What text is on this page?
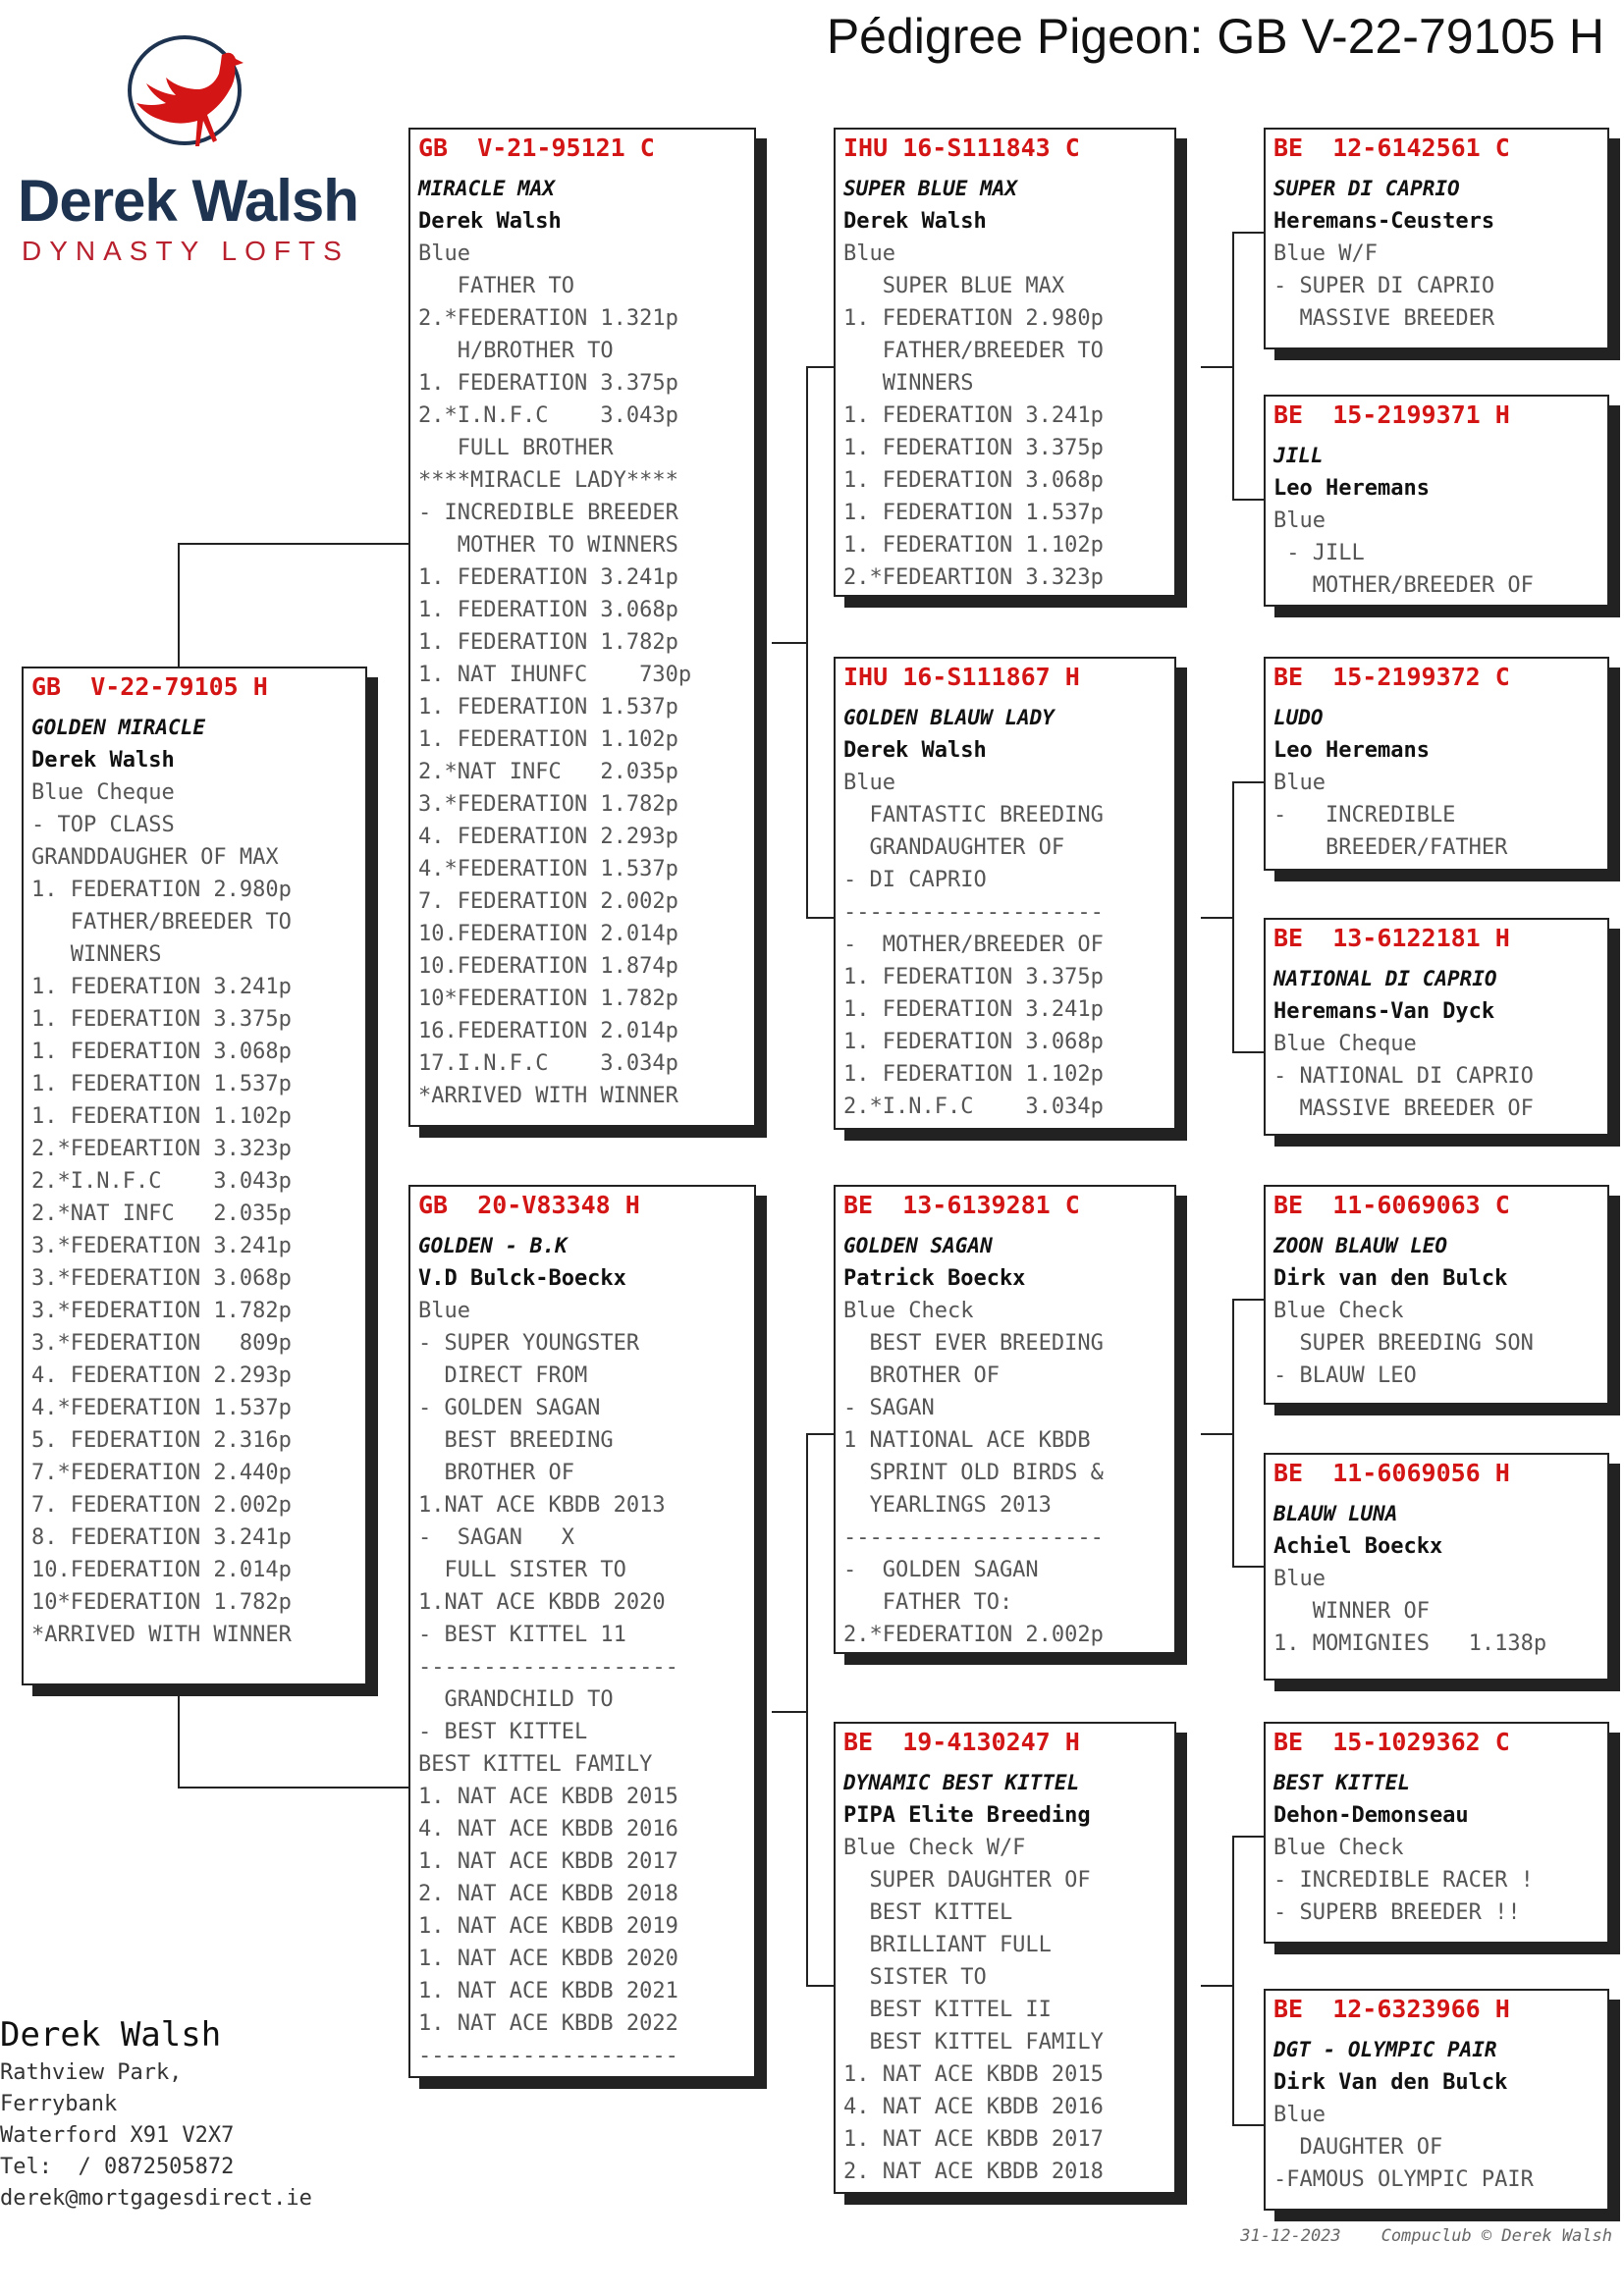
Pédigree Pigeon: GB V-22-79105 H
Derek Walsh
DYNASTY LOFTS
GB  V-22-79105 H
GOLDEN MIRACLE
Derek Walsh
Blue Cheque
- TOP CLASS
GRANDDAUGHER OF MAX
1. FEDERATION 2.980p
FATHER/BREEDER TO
WINNERS
1. FEDERATION 3.241p
1. FEDERATION 3.375p
1. FEDERATION 3.068p
1. FEDERATION 1.537p
1. FEDERATION 1.102p
2.*FEDEARTION 3.323p
2.*I.N.F.C    3.043p
2.*NAT INFC   2.035p
3.*FEDERATION 3.241p
3.*FEDERATION 3.068p
3.*FEDERATION 1.782p
3.*FEDERATION   809p
4. FEDERATION 2.293p
4.*FEDERATION 1.537p
5. FEDERATION 2.316p
7.*FEDERATION 2.440p
7. FEDERATION 2.002p
8. FEDERATION 3.241p
10.FEDERATION 2.014p
10*FEDERATION 1.782p
*ARRIVED WITH WINNER
GB  V-21-95121 C
MIRACLE MAX
Derek Walsh
Blue
FATHER TO
2.*FEDERATION 1.321p
H/BROTHER TO
1. FEDERATION 3.375p
2.*I.N.F.C    3.043p
FULL BROTHER
****MIRACLE LADY****
- INCREDIBLE BREEDER
MOTHER TO WINNERS
1. FEDERATION 3.241p
1. FEDERATION 3.068p
1. FEDERATION 1.782p
1. NAT IHUNFC    730p
1. FEDERATION 1.537p
1. FEDERATION 1.102p
2.*NAT INFC   2.035p
3.*FEDERATION 1.782p
4. FEDERATION 2.293p
4.*FEDERATION 1.537p
7. FEDERATION 2.002p
10.FEDERATION 2.014p
10.FEDERATION 1.874p
10*FEDERATION 1.782p
16.FEDERATION 2.014p
17.I.N.F.C    3.034p
*ARRIVED WITH WINNER
GB  20-V83348 H
GOLDEN - B.K
V.D Bulck-Boeckx
Blue
- SUPER YOUNGSTER
DIRECT FROM
- GOLDEN SAGAN
BEST BREEDING
BROTHER OF
1.NAT ACE KBDB 2013
-  SAGAN   X
FULL SISTER TO
1.NAT ACE KBDB 2020
- BEST KITTEL 11
--------------------
GRANDCHILD TO
- BEST KITTEL
BEST KITTEL FAMILY
1. NAT ACE KBDB 2015
4. NAT ACE KBDB 2016
1. NAT ACE KBDB 2017
2. NAT ACE KBDB 2018
1. NAT ACE KBDB 2019
1. NAT ACE KBDB 2020
1. NAT ACE KBDB 2021
1. NAT ACE KBDB 2022
--------------------
IHU 16-S111843 C
SUPER BLUE MAX
Derek Walsh
Blue
SUPER BLUE MAX
1. FEDERATION 2.980p
FATHER/BREEDER TO
WINNERS
1. FEDERATION 3.241p
1. FEDERATION 3.375p
1. FEDERATION 3.068p
1. FEDERATION 1.537p
1. FEDERATION 1.102p
2.*FEDEARTION 3.323p
IHU 16-S111867 H
GOLDEN BLAUW LADY
Derek Walsh
Blue
FANTASTIC BREEDING
GRANDAUGHTER OF
- DI CAPRIO
--------------------
-  MOTHER/BREEDER OF
1. FEDERATION 3.375p
1. FEDERATION 3.241p
1. FEDERATION 3.068p
1. FEDERATION 1.102p
2.*I.N.F.C    3.034p
BE  13-6139281 C
GOLDEN SAGAN
Patrick Boeckx
Blue Check
BEST EVER BREEDING
BROTHER OF
- SAGAN
1 NATIONAL ACE KBDB
SPRINT OLD BIRDS &
YEARLINGS 2013
--------------------
-  GOLDEN SAGAN
FATHER TO:
2.*FEDERATION 2.002p
BE  19-4130247 H
DYNAMIC BEST KITTEL
PIPA Elite Breeding
Blue Check W/F
SUPER DAUGHTER OF
BEST KITTEL
BRILLIANT FULL
SISTER TO
BEST KITTEL II
BEST KITTEL FAMILY
1. NAT ACE KBDB 2015
4. NAT ACE KBDB 2016
1. NAT ACE KBDB 2017
2. NAT ACE KBDB 2018
BE  12-6142561 C
SUPER DI CAPRIO
Heremans-Ceusters
Blue W/F
- SUPER DI CAPRIO
MASSIVE BREEDER
BE  15-2199371 H
JILL
Leo Heremans
Blue
- JILL
MOTHER/BREEDER OF
BE  15-2199372 C
LUDO
Leo Heremans
Blue
-   INCREDIBLE
BREEDER/FATHER
BE  13-6122181 H
NATIONAL DI CAPRIO
Heremans-Van Dyck
Blue Cheque
- NATIONAL DI CAPRIO
MASSIVE BREEDER OF
BE  11-6069063 C
ZOON BLAUW LEO
Dirk van den Bulck
Blue Check
SUPER BREEDING SON
- BLAUW LEO
BE  11-6069056 H
BLAUW LUNA
Achiel Boeckx
Blue
WINNER OF
1. MOMIGNIES   1.138p
BE  15-1029362 C
BEST KITTEL
Dehon-Demonseau
Blue Check
- INCREDIBLE RACER !
- SUPERB BREEDER !!
BE  12-6323966 H
DGT - OLYMPIC PAIR
Dirk Van den Bulck
Blue
DAUGHTER OF
-FAMOUS OLYMPIC PAIR
Derek Walsh
Rathview Park,
Ferrybank
Waterford X91 V2X7
Tel:  / 0872505872
derek@mortgagesdirect.ie
31-12-2023    Compuclub © Derek Walsh
